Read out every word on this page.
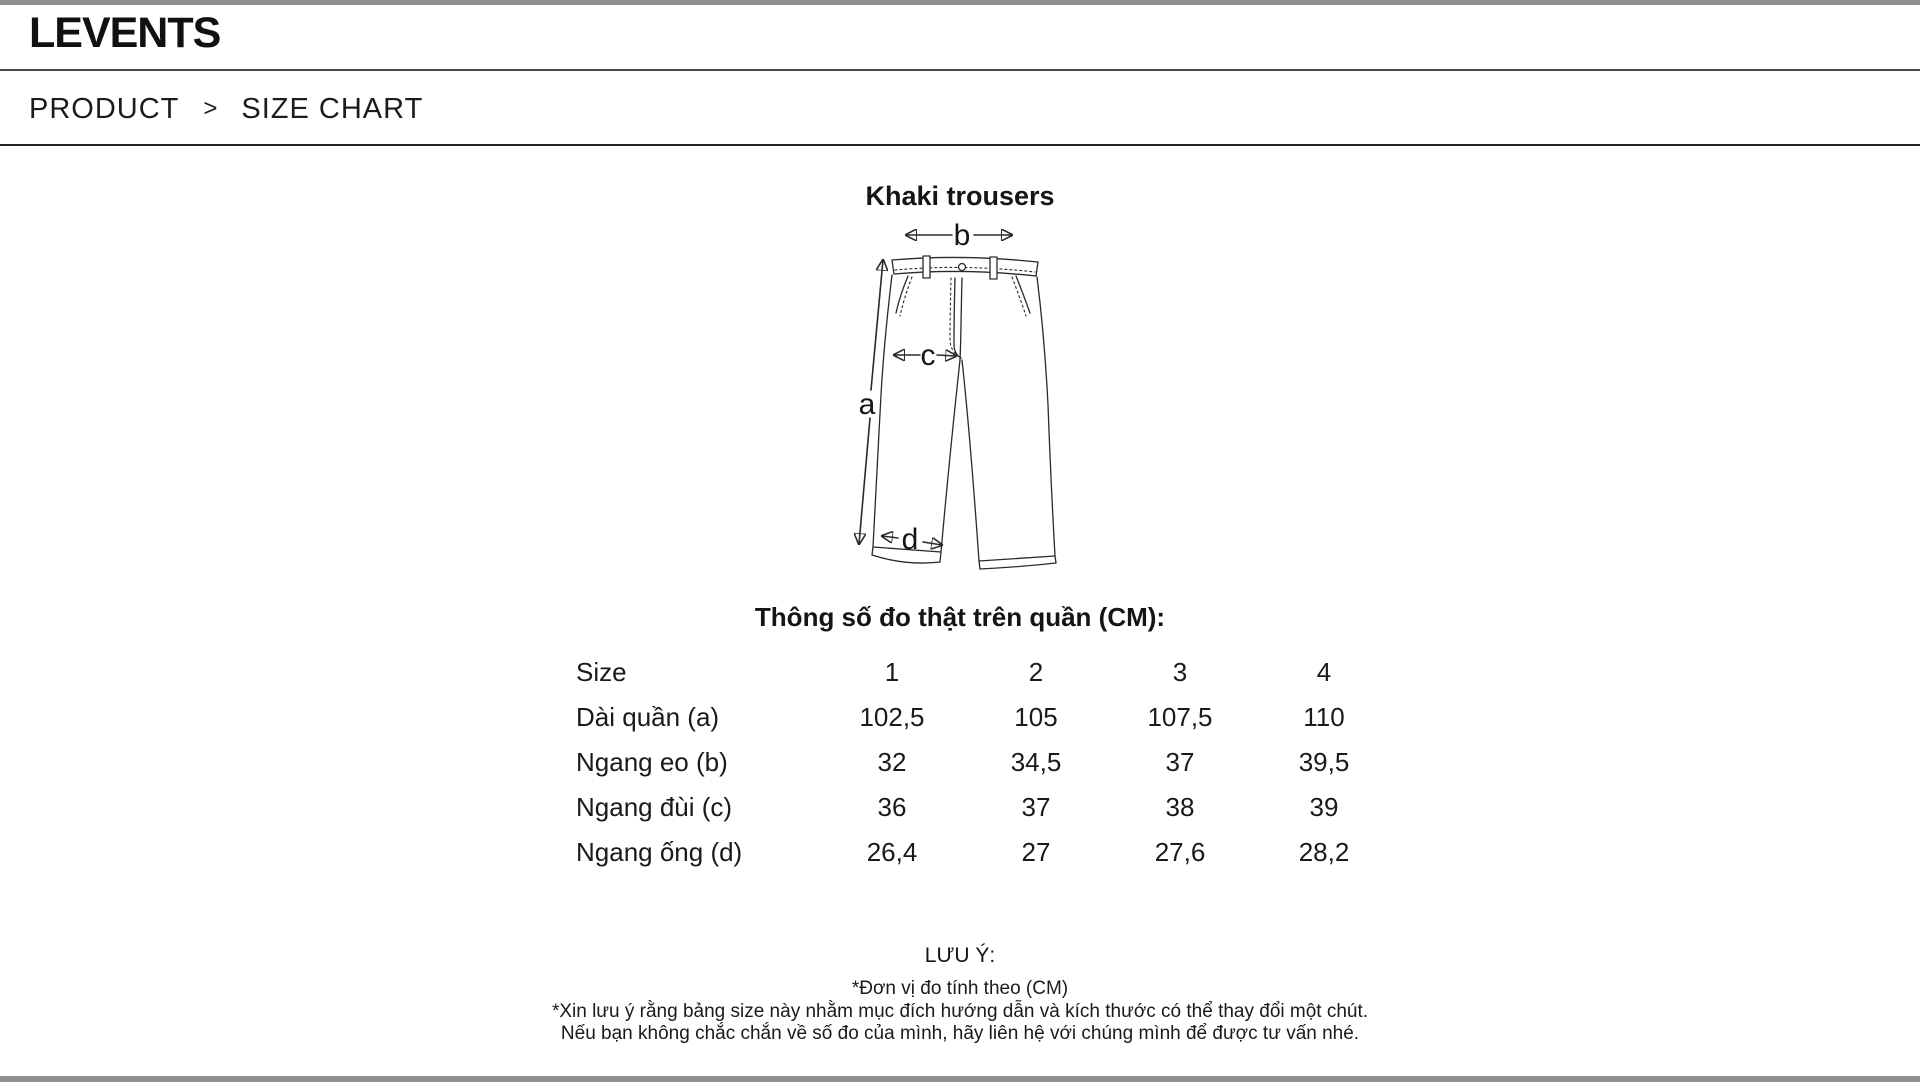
LEVENTS
PRODUCT > SIZE CHART
Khaki trousers
b
a
c
d
Thông số đo thật trên quần (CM):
Size	1	2	3	4
Dài quần (a)	102,5	105	107,5	110
Ngang eo (b)	32	34,5	37	39,5
Ngang đùi (c)	36	37	38	39
Ngang ống (d)	26,4	27	27,6	28,2
LƯU Ý:
*Đơn vị đo tính theo (CM)
*Xin lưu ý rằng bảng size này nhằm mục đích hướng dẫn và kích thước có thể thay đổi một chút.
Nếu bạn không chắc chắn về số đo của mình, hãy liên hệ với chúng mình để được tư vấn nhé.
